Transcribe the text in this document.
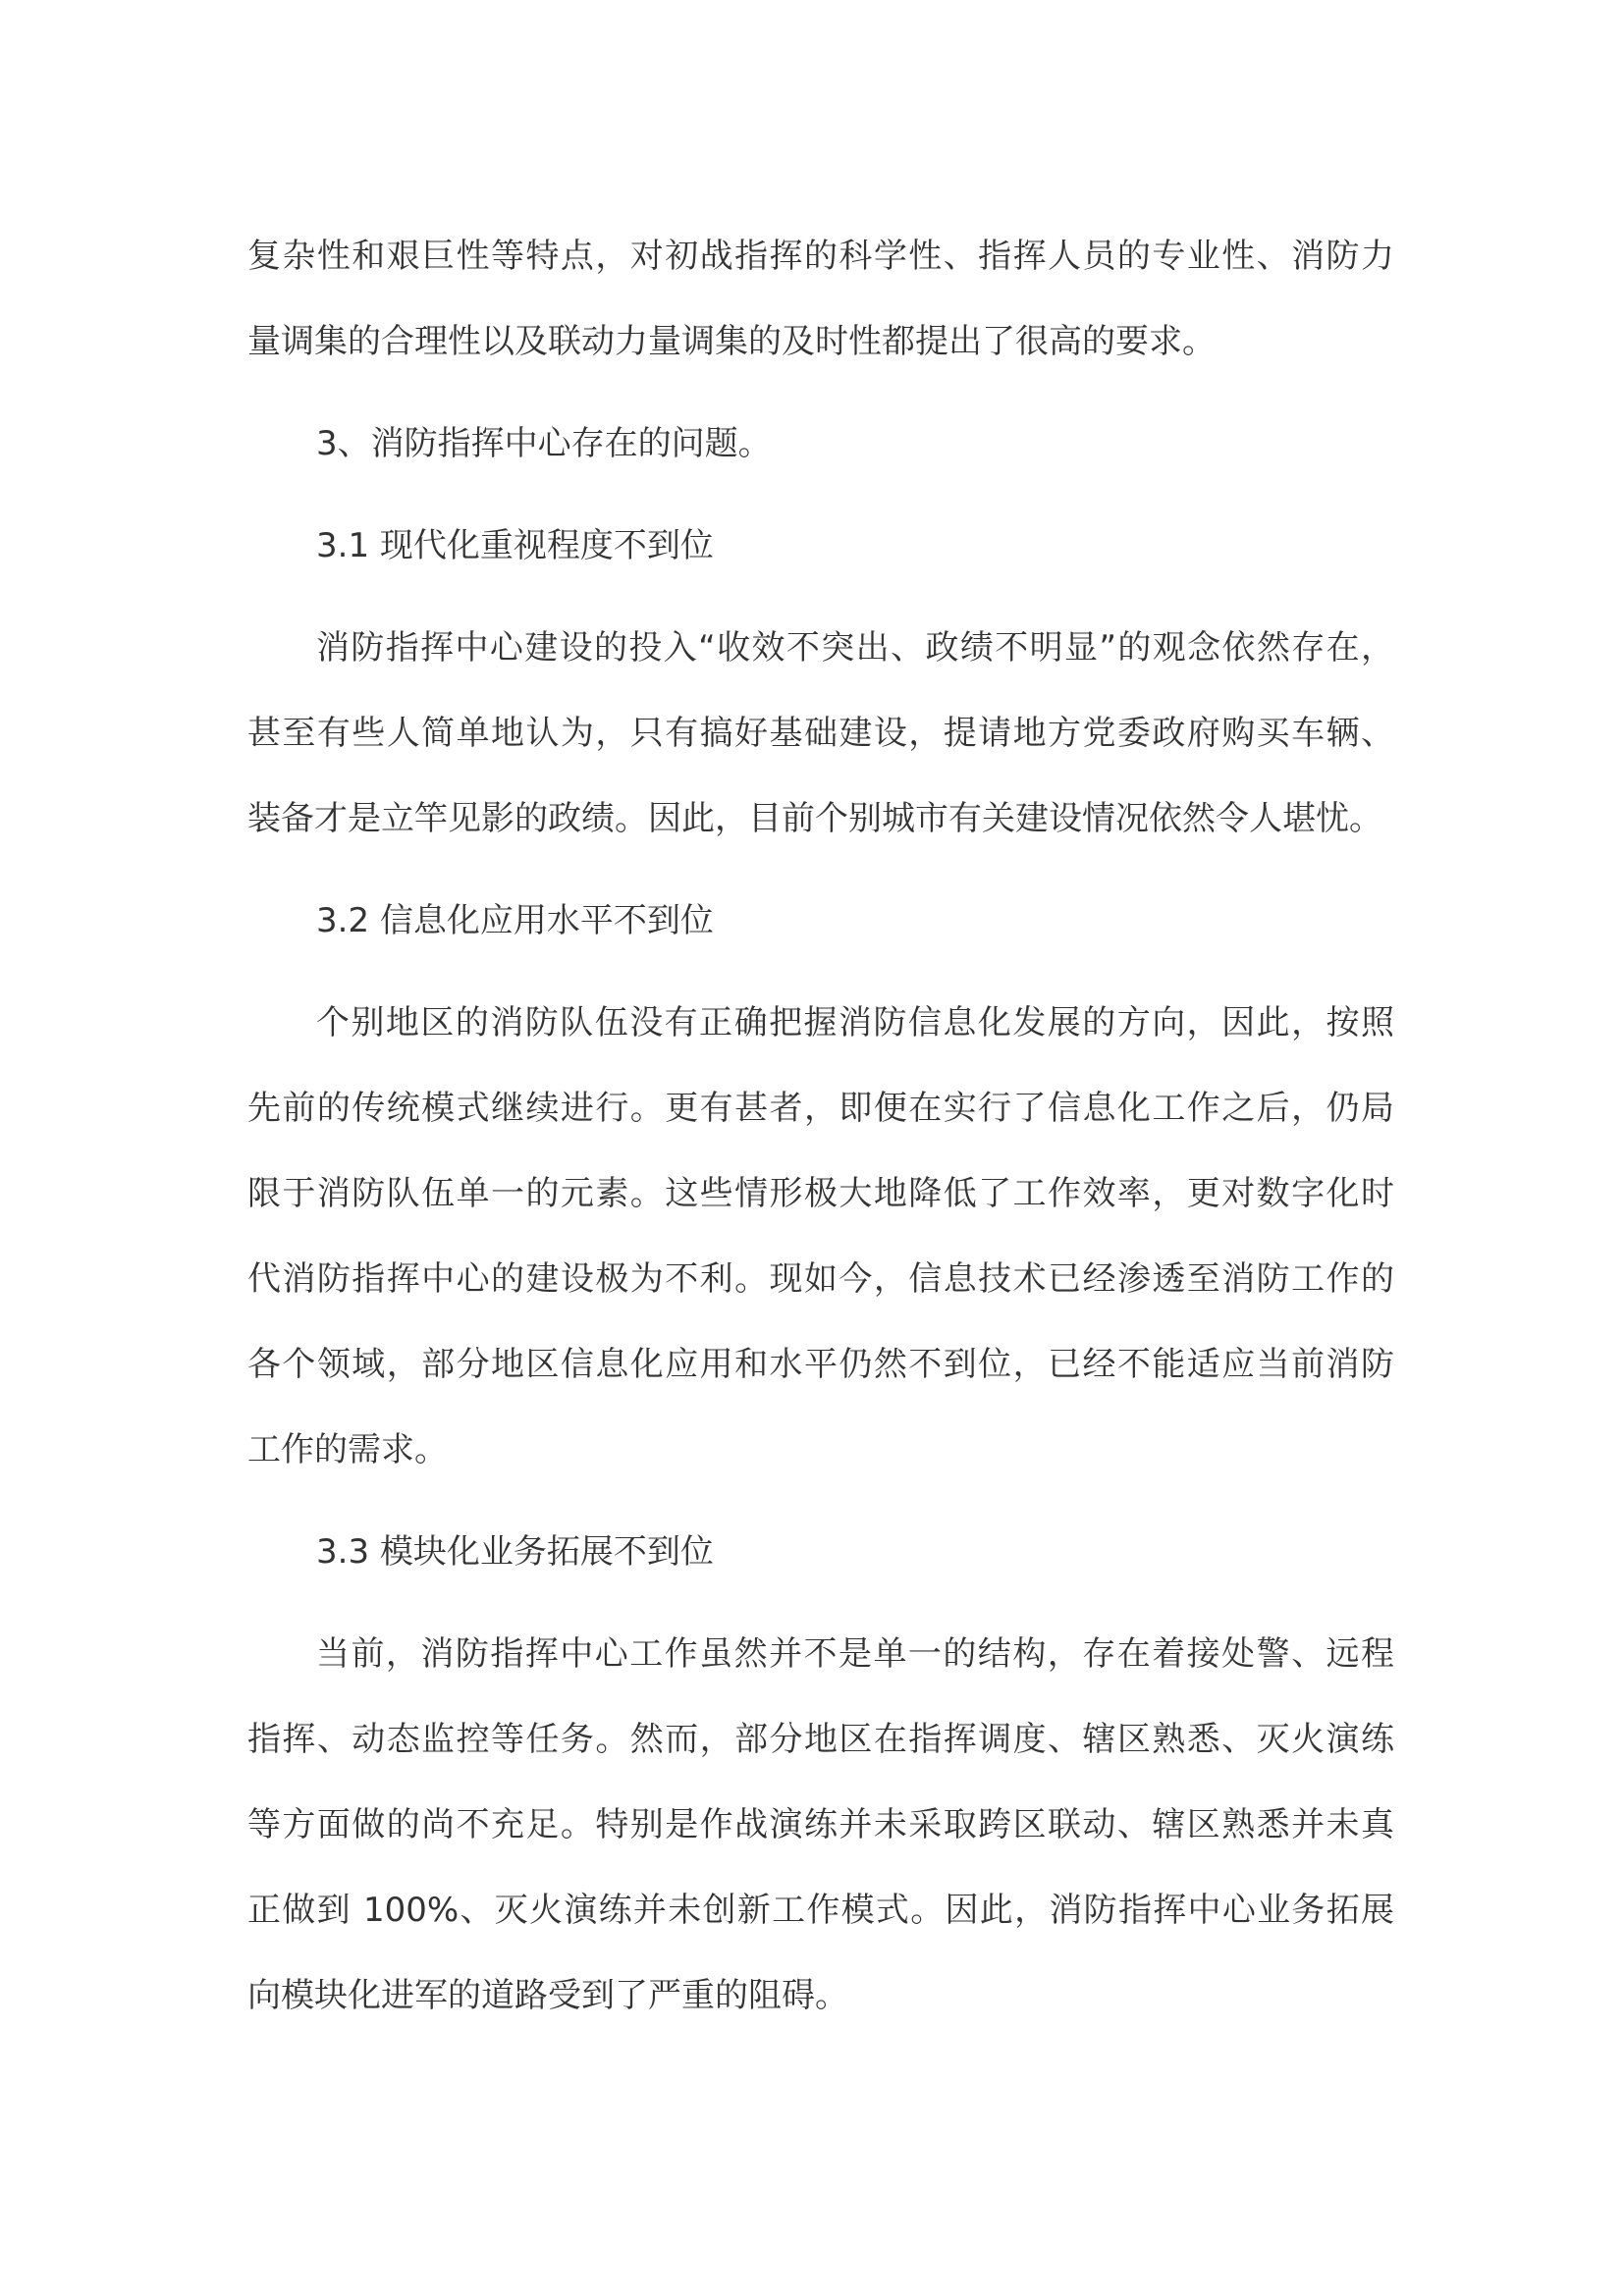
复杂性和艰巨性等特点，对初战指挥的科学性、指挥人员的专业性、消防力
量调集的合理性以及联动力量调集的及时性都提出了很高的要求。
3、消防指挥中心存在的问题。
3.1 现代化重视程度不到位
消防指挥中心建设的投入“收效不突出、政绩不明显”的观念依然存在，
甚至有些人简单地认为，只有搞好基础建设，提请地方党委政府购买车辆、
装备才是立竿见影的政绩。因此，目前个别城市有关建设情况依然令人堪忧。
3.2 信息化应用水平不到位
个别地区的消防队伍没有正确把握消防信息化发展的方向，因此，按照
先前的传统模式继续进行。更有甚者，即便在实行了信息化工作之后，仍局
限于消防队伍单一的元素。这些情形极大地降低了工作效率，更对数字化时
代消防指挥中心的建设极为不利。现如今，信息技术已经渗透至消防工作的
各个领域，部分地区信息化应用和水平仍然不到位，已经不能适应当前消防
工作的需求。
3.3 模块化业务拓展不到位
当前，消防指挥中心工作虽然并不是单一的结构，存在着接处警、远程
指挥、动态监控等任务。然而，部分地区在指挥调度、辖区熟悉、灭火演练
等方面做的尚不充足。特别是作战演练并未采取跨区联动、辖区熟悉并未真
正做到 100%、灭火演练并未创新工作模式。因此，消防指挥中心业务拓展
向模块化进军的道路受到了严重的阻碍。
